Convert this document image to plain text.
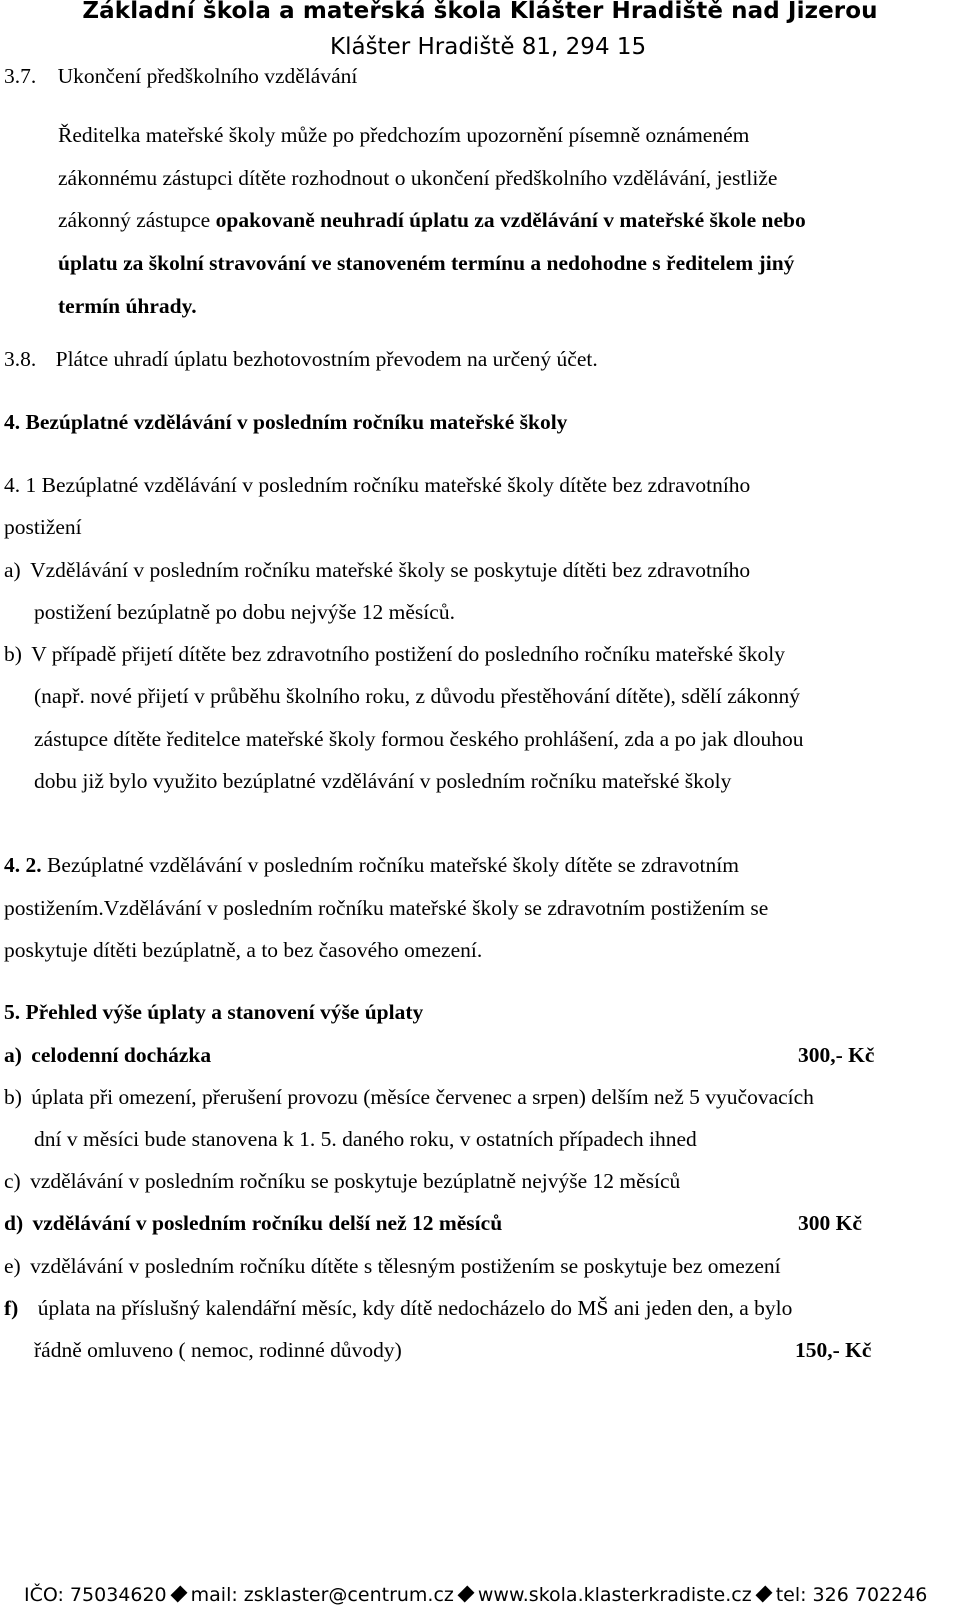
Základní škola a mateřská škola Klášter Hradiště nad Jizerou
Klášter Hradiště 81, 294 15
3.7. Ukončení předškolního vzdělávání
Ředitelka mateřské školy může po předchozím upozornění písemně oznámeném
zákonnému zástupci dítěte rozhodnout o ukončení předškolního vzdělávání, jestliže
zákonný zástupce opakovaně neuhradí úplatu za vzdělávání v mateřské škole nebo
úplatu za školní stravování ve stanoveném termínu a nedohodne s ředitelem jiný
termín úhrady.
3.8. Plátce uhradí úplatu bezhotovostním převodem na určený účet.
4. Bezúplatné vzdělávání v posledním ročníku mateřské školy
4. 1 Bezúplatné vzdělávání v posledním ročníku mateřské školy dítěte bez zdravotního
postižení
a) Vzdělávání v posledním ročníku mateřské školy se poskytuje dítěti bez zdravotního
postižení bezúplatně po dobu nejvýše 12 měsíců.
b) V případě přijetí dítěte bez zdravotního postižení do posledního ročníku mateřské školy
(např. nové přijetí v průběhu školního roku, z důvodu přestěhování dítěte), sdělí zákonný
zástupce dítěte ředitelce mateřské školy formou českého prohlášení, zda a po jak dlouhou
dobu již bylo využito bezúplatné vzdělávání v posledním ročníku mateřské školy
4. 2. Bezúplatné vzdělávání v posledním ročníku mateřské školy dítěte se zdravotním
postižením.Vzdělávání v posledním ročníku mateřské školy se zdravotním postižením se
poskytuje dítěti bezúplatně, a to bez časového omezení.
5. Přehled výše úplaty a stanovení výše úplaty
a) celodenní docházka	300,- Kč
b) úplata při omezení, přerušení provozu (měsíce červenec a srpen) delším než 5 vyučovacích
dní v měsíci bude stanovena k 1. 5. daného roku, v ostatních případech ihned
c) vzdělávání v posledním ročníku se poskytuje bezúplatně nejvýše 12 měsíců
d) vzdělávání v posledním ročníku delší než 12 měsíců	300 Kč
e) vzdělávání v posledním ročníku dítěte s tělesným postižením se poskytuje bez omezení
f) úplata na příslušný kalendářní měsíc, kdy dítě nedocházelo do MŠ ani jeden den, a bylo
řádně omluveno ( nemoc, rodinné důvody)	150,- Kč
IČO: 75034620 mail: zsklaster@centrum.cz www.skola.klasterkradiste.cz tel: 326 702246
